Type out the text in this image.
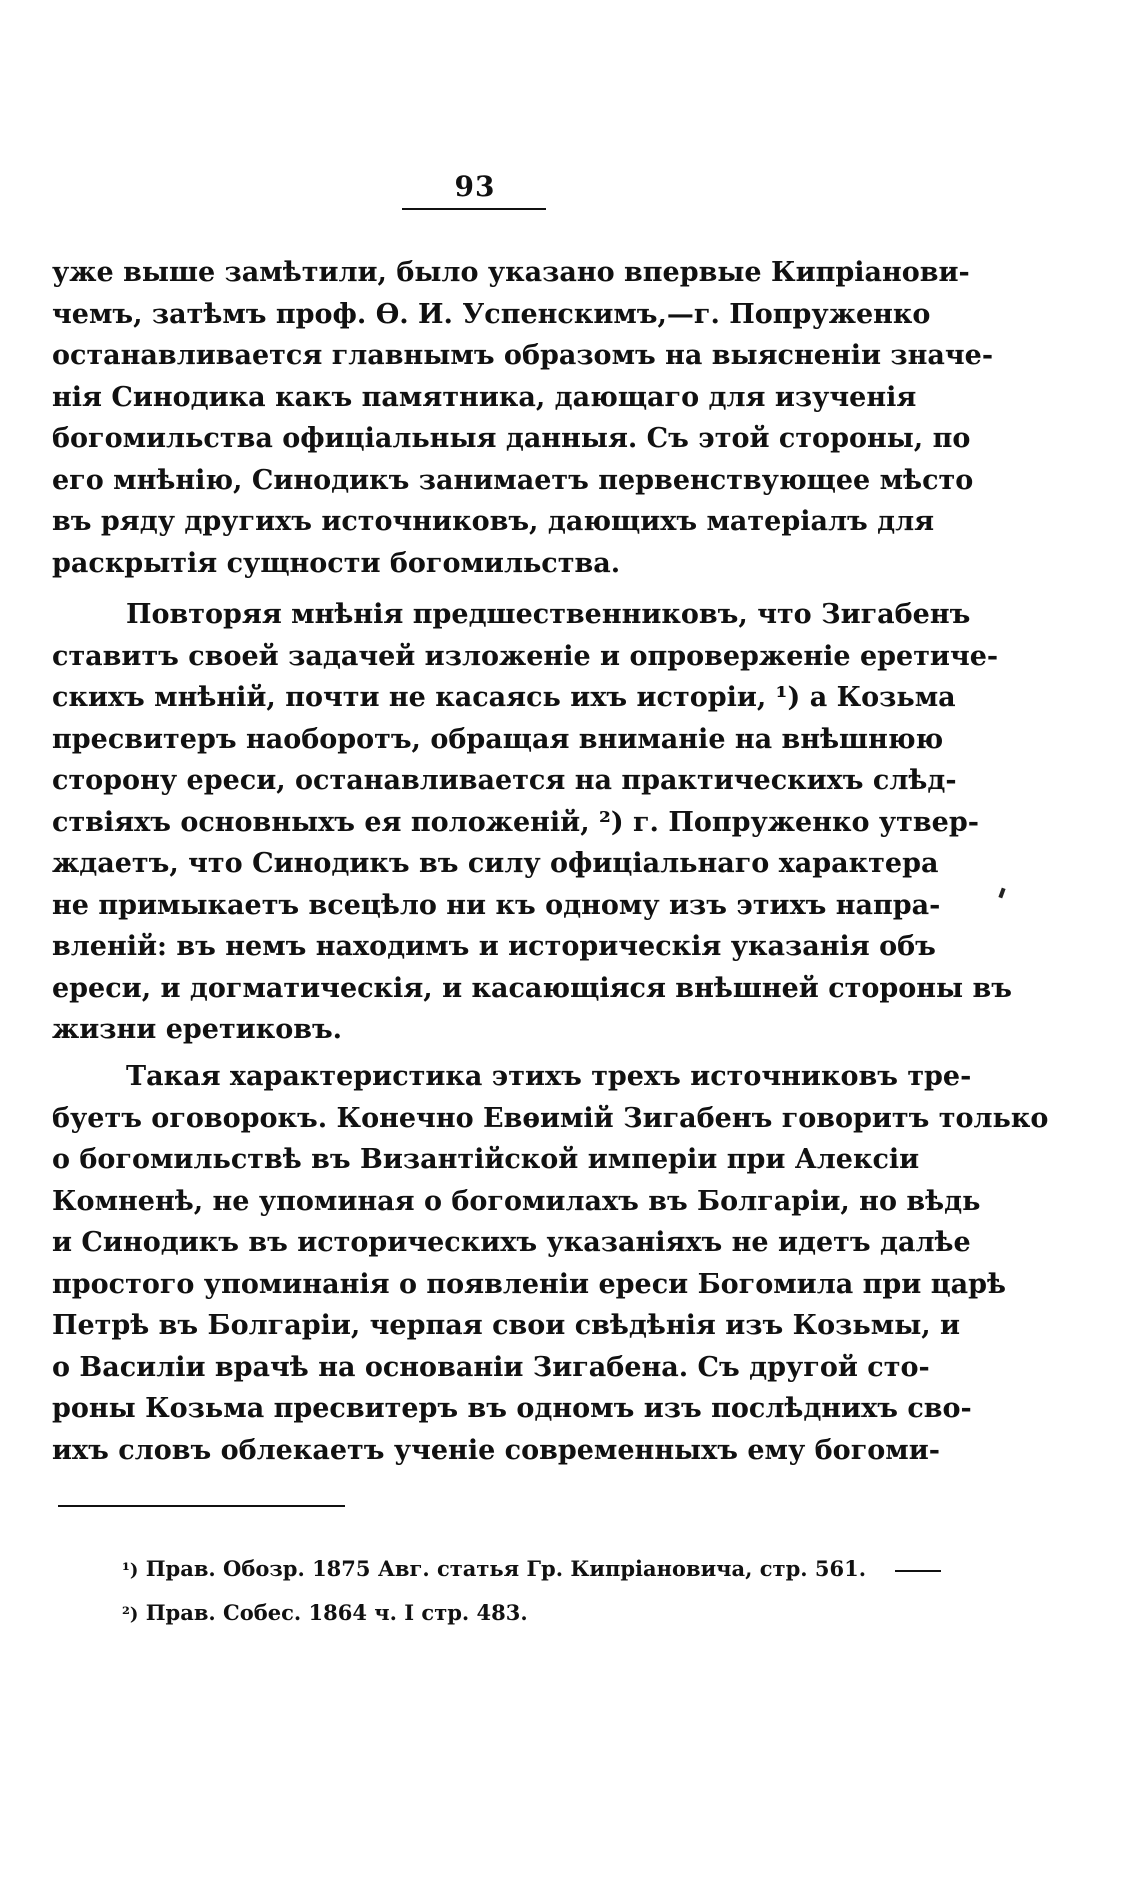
93
уже выше замѣтили, было указано впервые Кипріанови-
чемъ, затѣмъ проф. Ѳ. И. Успенскимъ,—г. Попруженко
останавливается главнымъ образомъ на выясненіи значе-
нія Синодика какъ памятника, дающаго для изученія
богомильства офиціальныя данныя. Съ этой стороны, по
его мнѣнію, Синодикъ занимаетъ первенствующее мѣсто
въ ряду другихъ источниковъ, дающихъ матеріалъ для
раскрытія сущности богомильства.
Повторяя мнѣнія предшественниковъ, что Зигабенъ
ставитъ своей задачей изложеніе и опроверженіе еретиче-
скихъ мнѣній, почти не касаясь ихъ исторіи, ¹) а Козьма
пресвитеръ наоборотъ, обращая вниманіе на внѣшнюю
сторону ереси, останавливается на практическихъ слѣд-
ствіяхъ основныхъ ея положеній, ²) г. Попруженко утвер-
ждаетъ, что Синодикъ въ силу офиціальнаго характера
не примыкаетъ всецѣло ни къ одному изъ этихъ напра-
вленій: въ немъ находимъ и историческія указанія объ
ереси, и догматическія, и касающіяся внѣшней стороны въ
жизни еретиковъ.
Такая характеристика этихъ трехъ источниковъ тре-
буетъ оговорокъ. Конечно Евѳимій Зигабенъ говоритъ только
о богомильствѣ въ Византійской имперіи при Алексіи
Комненѣ, не упоминая о богомилахъ въ Болгаріи, но вѣдь
и Синодикъ въ историческихъ указаніяхъ не идетъ далѣе
простого упоминанія о появленіи ереси Богомила при царѣ
Петрѣ въ Болгаріи, черпая свои свѣдѣнія изъ Козьмы, и
о Василіи врачѣ на основаніи Зигабена. Съ другой сто-
роны Козьма пресвитеръ въ одномъ изъ послѣднихъ сво-
ихъ словъ облекаетъ ученіе современныхъ ему богоми-
¹) Прав. Обозр. 1875 Авг. статья Гр. Кипріановича, стр. 561.
²) Прав. Собес. 1864 ч. I стр. 483.
